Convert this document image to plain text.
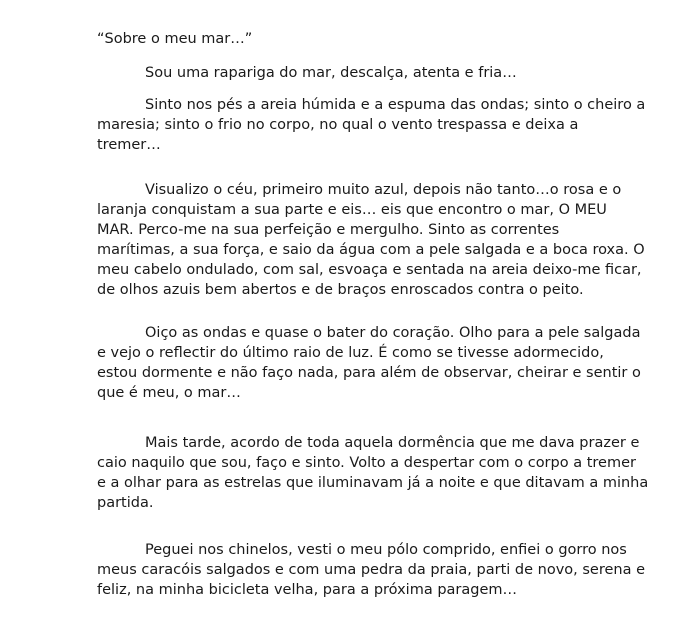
“Sobre o meu mar…”

Sou uma rapariga do mar, descalça, atenta e fria…
Sinto nos pés a areia húmida e a espuma das ondas; sinto o cheiro a
maresia; sinto o frio no corpo, no qual o vento trespassa e deixa a
tremer…
Visualizo o céu, primeiro muito azul, depois não tanto…o rosa e o
laranja conquistam a sua parte e eis… eis que encontro o mar, O MEU
MAR. Perco-me na sua perfeição e mergulho. Sinto as correntes
marítimas, a sua força, e saio da água com a pele salgada e a boca roxa. O
meu cabelo ondulado, com sal, esvoaça e sentada na areia deixo-me ficar,
de olhos azuis bem abertos e de braços enroscados contra o peito.
Oiço as ondas e quase o bater do coração. Olho para a pele salgada
e vejo o reflectir do último raio de luz. É como se tivesse adormecido,
estou dormente e não faço nada, para além de observar, cheirar e sentir o
que é meu, o mar…
Mais tarde, acordo de toda aquela dormência que me dava prazer e
caio naquilo que sou, faço e sinto. Volto a despertar com o corpo a tremer
e a olhar para as estrelas que iluminavam já a noite e que ditavam a minha
partida.
Peguei nos chinelos, vesti o meu pólo comprido, enfiei o gorro nos
meus caracóis salgados e com uma pedra da praia, parti de novo, serena e
feliz, na minha bicicleta velha, para a próxima paragem…
